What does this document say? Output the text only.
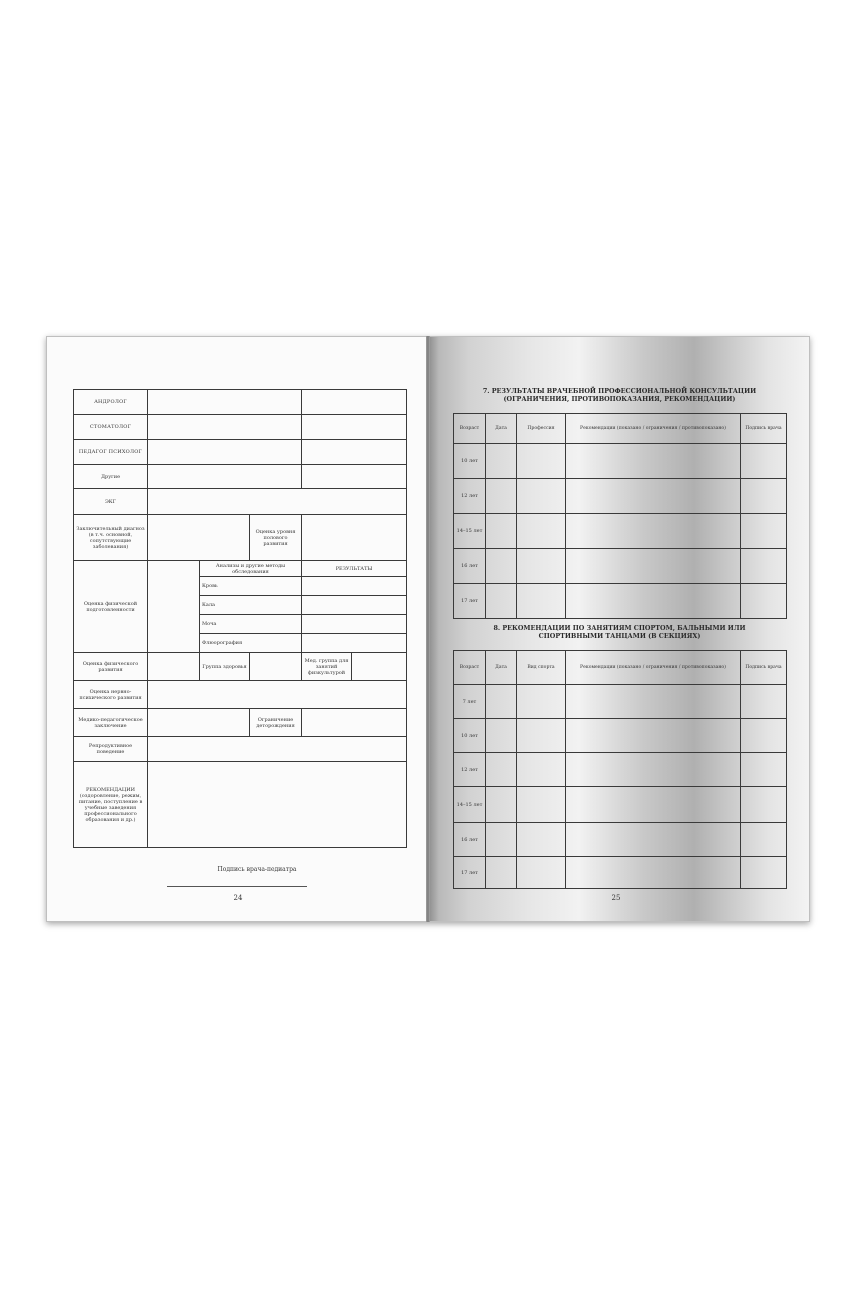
АНДРОЛОГ					
СТОМАТОЛОГ					
ПЕДАГОГ ПСИХОЛОГ					
Другие					
ЭКГ					
Заключительный диагноз (в т.ч. основной, сопутствующие заболевания)			Оценка уровня полового развития		
Оценка физической подготовленности		Анализы и другие методы обследования		РЕЗУЛЬТАТЫ	
		Кровь			
		Кала			
		Моча			
		Флюорография			
Оценка физического развития		Группа здоровья		Мед. группа для занятий физкультурой	
Оценка нервно-психического развития					
Медико-педагогическое заключение			Ограничение деторождения		
Репродуктивное поведение					
РЕКОМЕНДАЦИИ (оздоровление, режим, питание, поступление в учебные заведения профессионального образования и др.)					
Подпись врача-педиатра
24
7. РЕЗУЛЬТАТЫ ВРАЧЕБНОЙ ПРОФЕССИОНАЛЬНОЙ КОНСУЛЬТАЦИИ (ОГРАНИЧЕНИЯ, ПРОТИВОПОКАЗАНИЯ, РЕКОМЕНДАЦИИ)
Возраст	Дата	Профессия	Рекомендации (показано / ограничения / противопоказано)	Подпись врача
10 лет				
12 лет				
14–15 лет				
16 лет				
17 лет				
8. РЕКОМЕНДАЦИИ ПО ЗАНЯТИЯМ СПОРТОМ, БАЛЬНЫМИ ИЛИ СПОРТИВНЫМИ ТАНЦАМИ (В СЕКЦИЯХ)
Возраст	Дата	Вид спорта	Рекомендации (показано / ограничения / противопоказано)	Подпись врача
7 лет				
10 лет				
12 лет				
14–15 лет				
16 лет				
17 лет				
25
